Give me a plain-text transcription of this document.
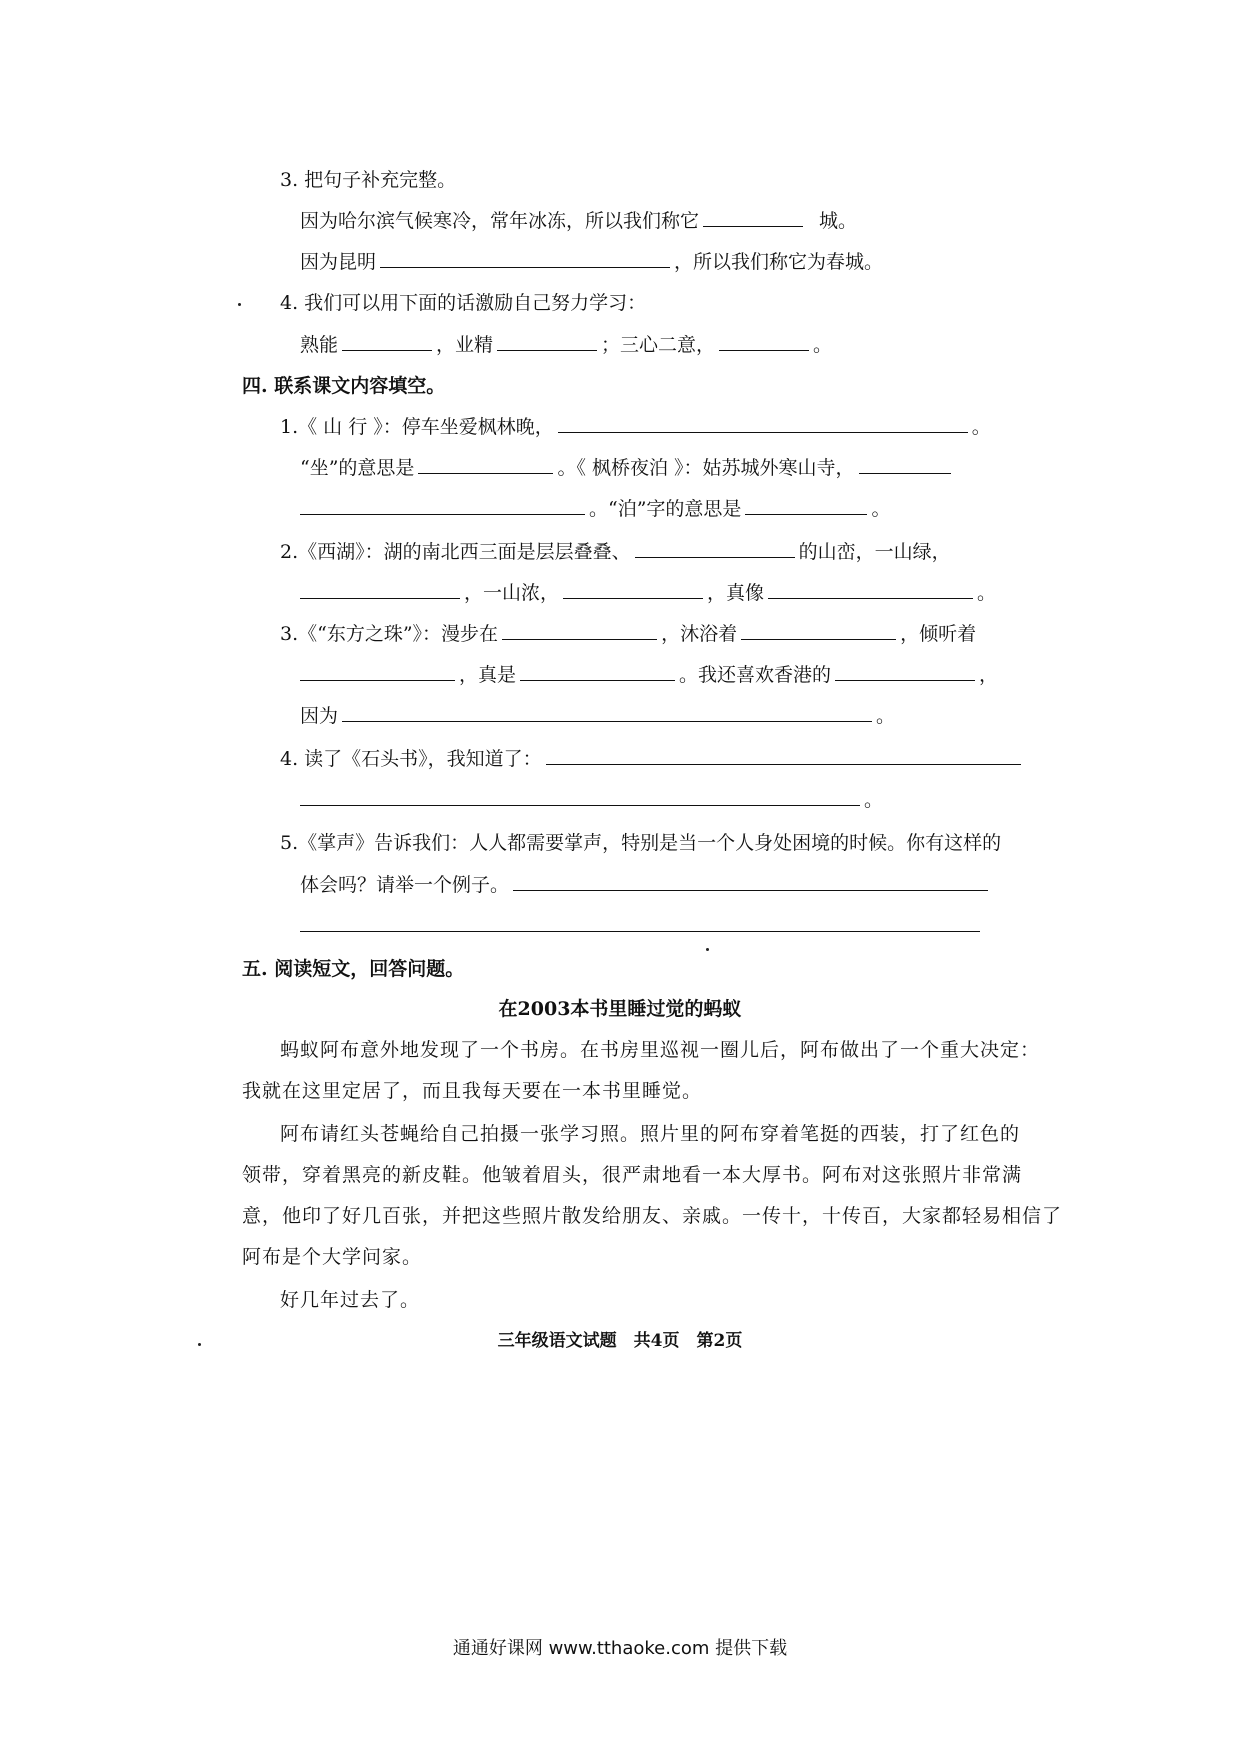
3. 把句子补充完整。
因为哈尔滨气候寒冷，常年冰冻，所以我们称它	城。
因为昆明	，所以我们称它为春城。
4. 我们可以用下面的话激励自己努力学习：
熟能	，业精	；三心二意，	。
四. 联系课文内容填空。
1.《 山 行 》：停车坐爱枫林晚，	。
“坐”的意思是	。《 枫桥夜泊 》：姑苏城外寒山寺，
。“泊”字的意思是	。
2.《西湖》：湖的南北西三面是层层叠叠、	的山峦，一山绿，
，一山浓，	，真像	。
3.《“东方之珠”》：漫步在	，沐浴着	，倾听着
，真是	。我还喜欢香港的	，
因为	。
4. 读了《石头书》，我知道了：
。
5.《掌声》告诉我们：人人都需要掌声，特别是当一个人身处困境的时候。你有这样的
体会吗？请举一个例子。
五. 阅读短文，回答问题。
在2003本书里睡过觉的蚂蚁
蚂蚁阿布意外地发现了一个书房。在书房里巡视一圈儿后，阿布做出了一个重大决定：
我就在这里定居了，而且我每天要在一本书里睡觉。
阿布请红头苍蝇给自己拍摄一张学习照。照片里的阿布穿着笔挺的西装，打了红色的
领带，穿着黑亮的新皮鞋。他皱着眉头，很严肃地看一本大厚书。阿布对这张照片非常满
意，他印了好几百张，并把这些照片散发给朋友、亲戚。一传十，十传百，大家都轻易相信了
阿布是个大学问家。
好几年过去了。
三年级语文试题　共4页　第2页
通通好课网 www.tthaoke.com 提供下载
